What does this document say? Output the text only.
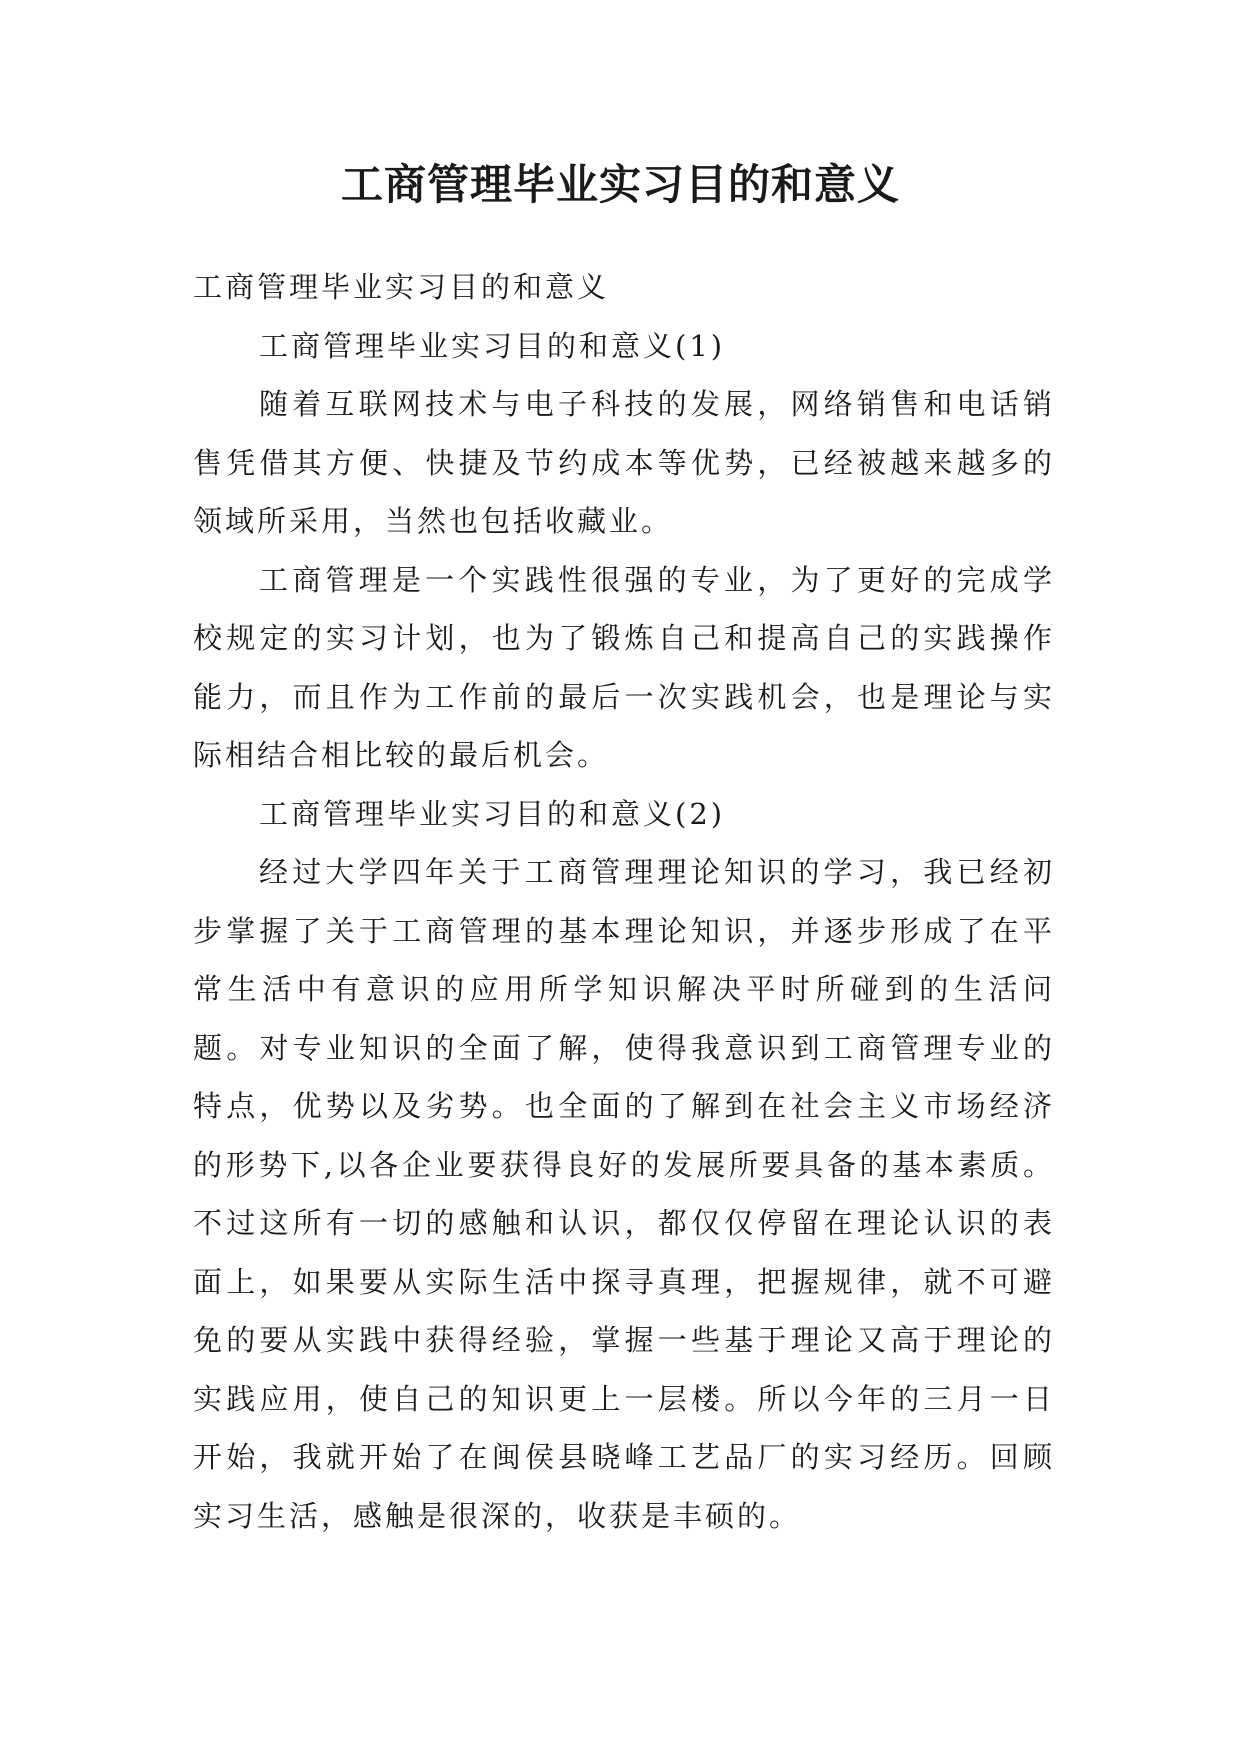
工商管理毕业实习目的和意义

工商管理毕业实习目的和意义

工商管理毕业实习目的和意义(1)

随着互联网技术与电子科技的发展，网络销售和电话销售凭借其方便、快捷及节约成本等优势，已经被越来越多的领域所采用，当然也包括收藏业。

工商管理是一个实践性很强的专业，为了更好的完成学校规定的实习计划，也为了锻炼自己和提高自己的实践操作能力，而且作为工作前的最后一次实践机会，也是理论与实际相结合相比较的最后机会。

工商管理毕业实习目的和意义(2)

经过大学四年关于工商管理理论知识的学习，我已经初步掌握了关于工商管理的基本理论知识，并逐步形成了在平常生活中有意识的应用所学知识解决平时所碰到的生活问题。对专业知识的全面了解，使得我意识到工商管理专业的特点，优势以及劣势。也全面的了解到在社会主义市场经济的形势下,以各企业要获得良好的发展所要具备的基本素质。不过这所有一切的感触和认识，都仅仅停留在理论认识的表面上，如果要从实际生活中探寻真理，把握规律，就不可避免的要从实践中获得经验，掌握一些基于理论又高于理论的实践应用，使自己的知识更上一层楼。所以今年的三月一日开始，我就开始了在闽侯县晓峰工艺品厂的实习经历。回顾实习生活，感触是很深的，收获是丰硕的。
